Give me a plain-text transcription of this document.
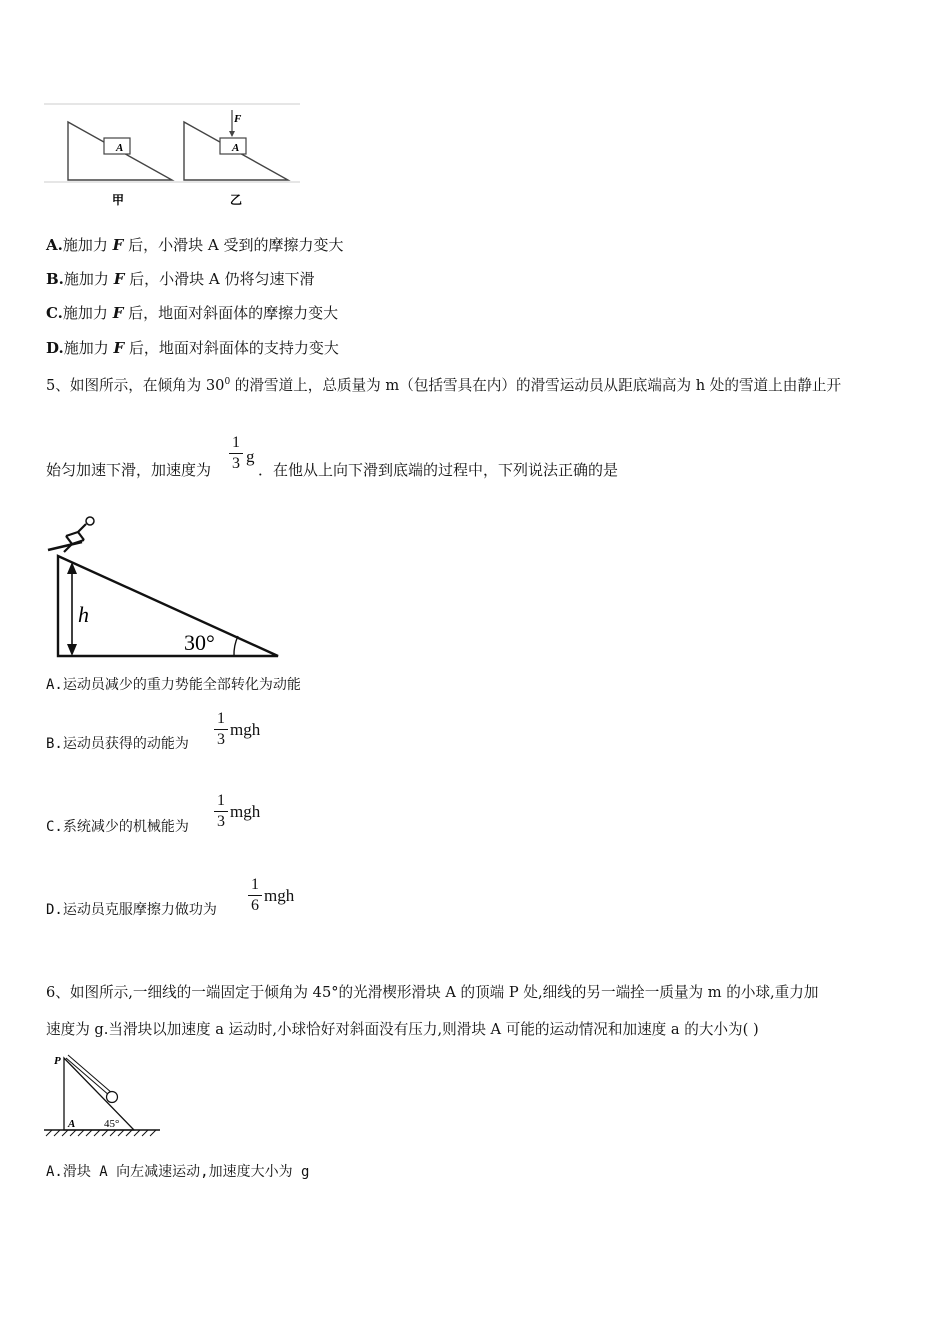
A	A
F
甲	乙
A.施加力 F 后，小滑块 A 受到的摩擦力变大
B.施加力 F 后，小滑块 A 仍将匀速下滑
C.施加力 F 后，地面对斜面体的摩擦力变大
D.施加力 F 后，地面对斜面体的支持力变大
5、如图所示，在倾角为 $30^0$ 的滑雪道上，总质量为 m（包括雪具在内）的滑雪运动员从距底端高为 h 处的雪道上由静止开
始匀加速下滑，加速度为
1
3 g
．在他从上向下滑到底端的过程中，下列说法正确的是
h
30°
A.运动员减少的重力势能全部转化为动能
B.运动员获得的动能为
1
3
mgh
C.系统减少的机械能为
1
3
mgh
D.运动员克服摩擦力做功为
1
6
mgh
6、如图所示,一细线的一端固定于倾角为 45°的光滑楔形滑块 A 的顶端 P 处,细线的另一端拴一质量为 m 的小球,重力加
速度为 g.当滑块以加速度 a 运动时,小球恰好对斜面没有压力,则滑块 A 可能的运动情况和加速度 a 的大小为( )
P
A	45°
A.滑块 A 向左减速运动,加速度大小为 g
